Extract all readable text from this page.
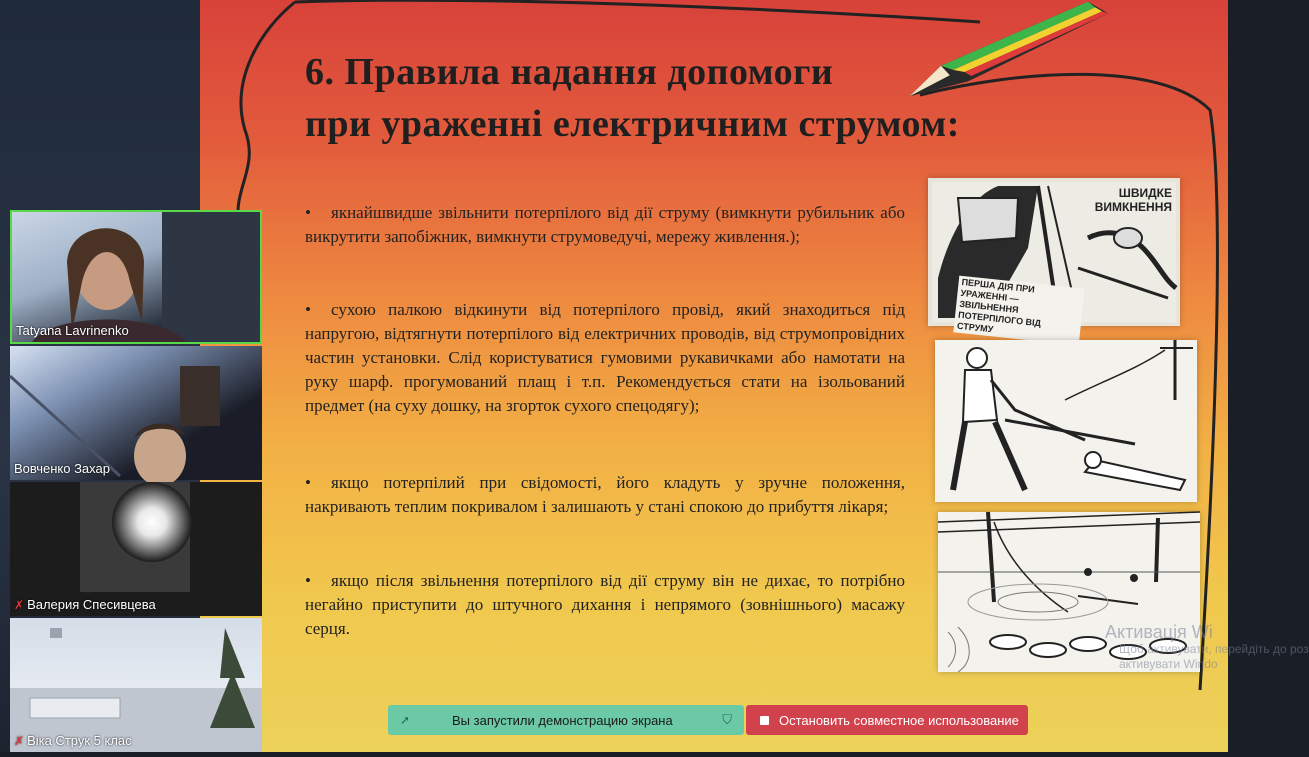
6. Правила надання допомоги
при ураженні електричним струмом:
• якнайшвидше звільнити потерпілого від дії струму (вимкнути рубильник або викрутити запобіжник, вимкнути струмоведучі, мережу живлення.);
• сухою палкою відкинути від потерпілого провід, який знаходиться під напругою, відтягнути потерпілого від електричних проводів, від струмопровідних частин установки. Слід користуватися гумовими рукавичками або намотати на руку шарф. прогумований плащ і т.п. Рекомендується стати на ізольований предмет (на суху дошку, на згорток сухого спецодягу);
• якщо потерпілий при свідомості, його кладуть у зручне положення, накривають теплим покривалом і залишають у стані спокою до прибуття лікаря;
• якщо після звільнення потерпілого від дії струму він не дихає, то потрібно негайно приступити до штучного дихання і непрямого (зовнішнього) масажу серця.
ШВИДКЕ
ВИМКНЕННЯ
ПЕРША ДІЯ ПРИ УРАЖЕННІ — ЗВІЛЬНЕННЯ ПОТЕРПІЛОГО ВІД СТРУМУ
Активація Wi
Щоб активувати, перейдіть до роз
активувати Windo
Tatyana Lavrinenko
Вовченко Захар
✗ Валерия Спесивцева
✗ Віка Струк 5 клас
➚	Вы запустили демонстрацию экрана	⛉	Остановить совместное использование
